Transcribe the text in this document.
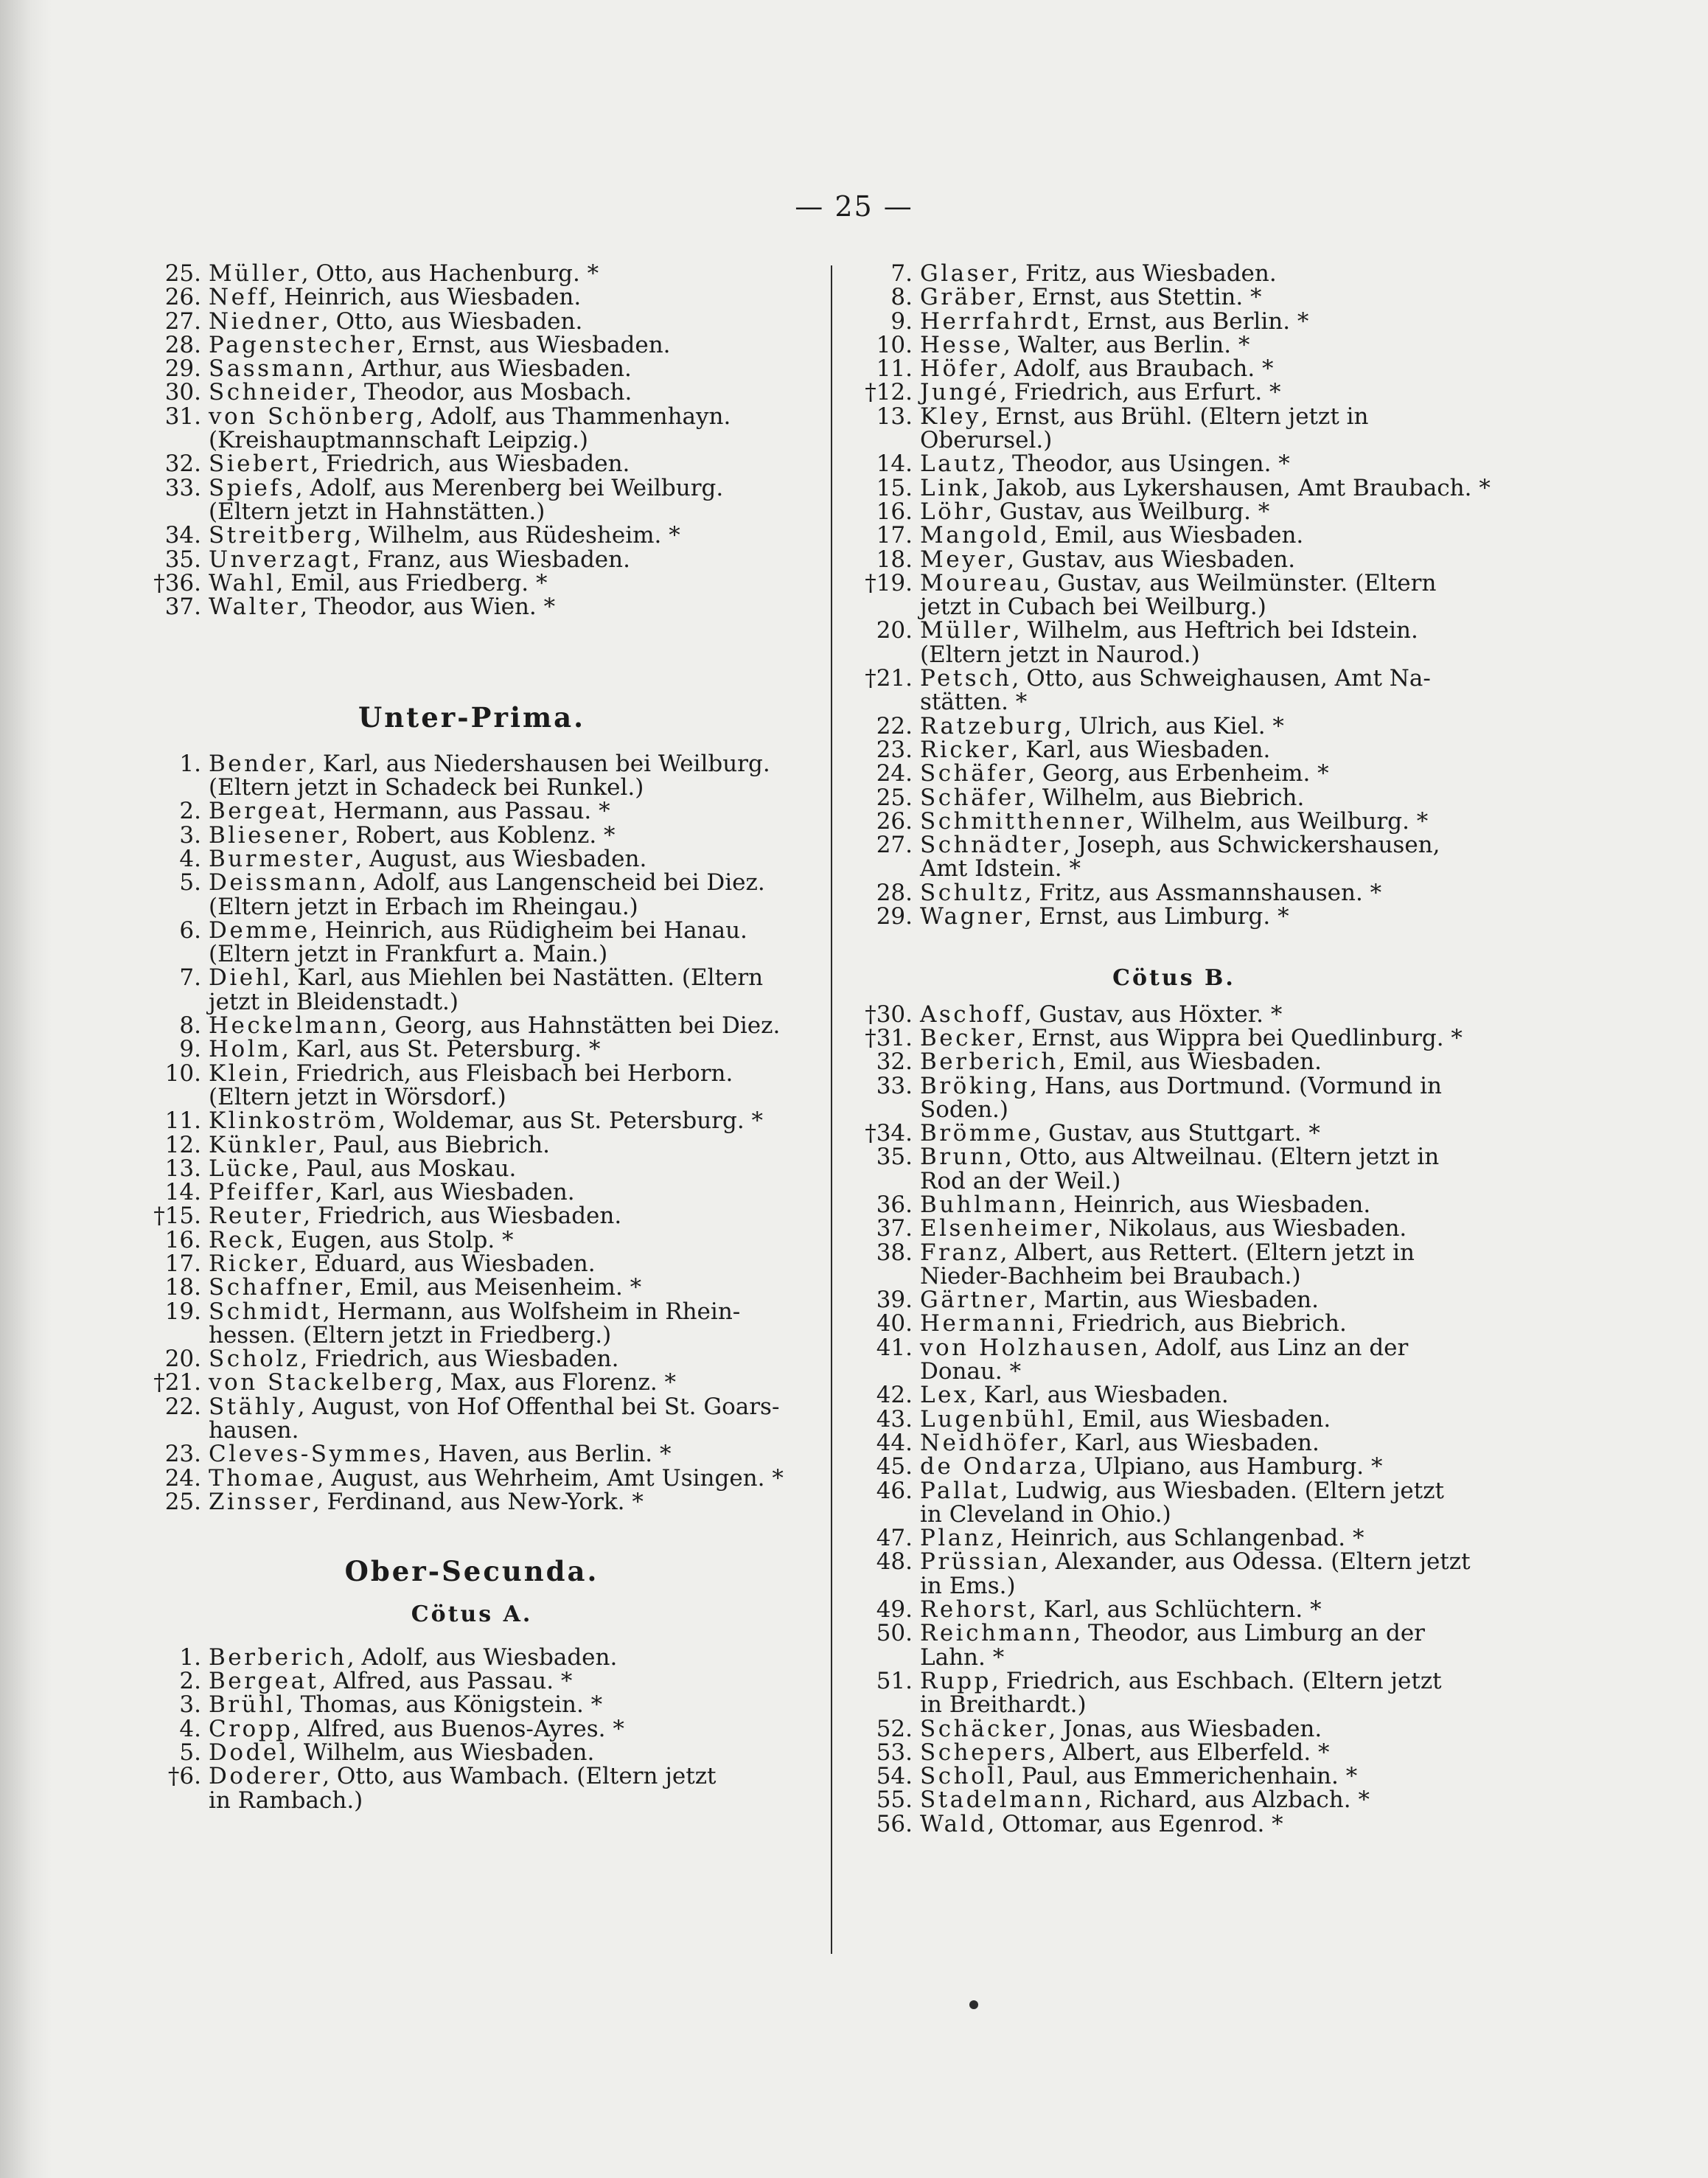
— 25 —
25. Müller, Otto, aus Hachenburg. *
26. Neff, Heinrich, aus Wiesbaden.
27. Niedner, Otto, aus Wiesbaden.
28. Pagenstecher, Ernst, aus Wiesbaden.
29. Sassmann, Arthur, aus Wiesbaden.
30. Schneider, Theodor, aus Mosbach.
31. von Schönberg, Adolf, aus Thammenhayn.
(Kreishauptmannschaft Leipzig.)
32. Siebert, Friedrich, aus Wiesbaden.
33. Spiefs, Adolf, aus Merenberg bei Weilburg.
(Eltern jetzt in Hahnstätten.)
34. Streitberg, Wilhelm, aus Rüdesheim. *
35. Unverzagt, Franz, aus Wiesbaden.
†36. Wahl, Emil, aus Friedberg. *
37. Walter, Theodor, aus Wien. *
Unter-Prima.
1. Bender, Karl, aus Niedershausen bei Weilburg.
(Eltern jetzt in Schadeck bei Runkel.)
2. Bergeat, Hermann, aus Passau. *
3. Bliesener, Robert, aus Koblenz. *
4. Burmester, August, aus Wiesbaden.
5. Deissmann, Adolf, aus Langenscheid bei Diez.
(Eltern jetzt in Erbach im Rheingau.)
6. Demme, Heinrich, aus Rüdigheim bei Hanau.
(Eltern jetzt in Frankfurt a. Main.)
7. Diehl, Karl, aus Miehlen bei Nastätten. (Eltern
jetzt in Bleidenstadt.)
8. Heckelmann, Georg, aus Hahnstätten bei Diez.
9. Holm, Karl, aus St. Petersburg. *
10. Klein, Friedrich, aus Fleisbach bei Herborn.
(Eltern jetzt in Wörsdorf.)
11. Klinkoström, Woldemar, aus St. Petersburg. *
12. Künkler, Paul, aus Biebrich.
13. Lücke, Paul, aus Moskau.
14. Pfeiffer, Karl, aus Wiesbaden.
†15. Reuter, Friedrich, aus Wiesbaden.
16. Reck, Eugen, aus Stolp. *
17. Ricker, Eduard, aus Wiesbaden.
18. Schaffner, Emil, aus Meisenheim. *
19. Schmidt, Hermann, aus Wolfsheim in Rhein-
hessen. (Eltern jetzt in Friedberg.)
20. Scholz, Friedrich, aus Wiesbaden.
†21. von Stackelberg, Max, aus Florenz. *
22. Stähly, August, von Hof Offenthal bei St. Goars-
hausen.
23. Cleves-Symmes, Haven, aus Berlin. *
24. Thomae, August, aus Wehrheim, Amt Usingen. *
25. Zinsser, Ferdinand, aus New-York. *
Ober-Secunda.
Cötus A.
1. Berberich, Adolf, aus Wiesbaden.
2. Bergeat, Alfred, aus Passau. *
3. Brühl, Thomas, aus Königstein. *
4. Cropp, Alfred, aus Buenos-Ayres. *
5. Dodel, Wilhelm, aus Wiesbaden.
†6. Doderer, Otto, aus Wambach. (Eltern jetzt
in Rambach.)
7. Glaser, Fritz, aus Wiesbaden.
8. Gräber, Ernst, aus Stettin. *
9. Herrfahrdt, Ernst, aus Berlin. *
10. Hesse, Walter, aus Berlin. *
11. Höfer, Adolf, aus Braubach. *
†12. Jungé, Friedrich, aus Erfurt. *
13. Kley, Ernst, aus Brühl. (Eltern jetzt in
Oberursel.)
14. Lautz, Theodor, aus Usingen. *
15. Link, Jakob, aus Lykershausen, Amt Braubach. *
16. Löhr, Gustav, aus Weilburg. *
17. Mangold, Emil, aus Wiesbaden.
18. Meyer, Gustav, aus Wiesbaden.
†19. Moureau, Gustav, aus Weilmünster. (Eltern
jetzt in Cubach bei Weilburg.)
20. Müller, Wilhelm, aus Heftrich bei Idstein.
(Eltern jetzt in Naurod.)
†21. Petsch, Otto, aus Schweighausen, Amt Na-
stätten. *
22. Ratzeburg, Ulrich, aus Kiel. *
23. Ricker, Karl, aus Wiesbaden.
24. Schäfer, Georg, aus Erbenheim. *
25. Schäfer, Wilhelm, aus Biebrich.
26. Schmitthenner, Wilhelm, aus Weilburg. *
27. Schnädter, Joseph, aus Schwickershausen,
Amt Idstein. *
28. Schultz, Fritz, aus Assmannshausen. *
29. Wagner, Ernst, aus Limburg. *
Cötus B.
†30. Aschoff, Gustav, aus Höxter. *
†31. Becker, Ernst, aus Wippra bei Quedlinburg. *
32. Berberich, Emil, aus Wiesbaden.
33. Bröking, Hans, aus Dortmund. (Vormund in
Soden.)
†34. Brömme, Gustav, aus Stuttgart. *
35. Brunn, Otto, aus Altweilnau. (Eltern jetzt in
Rod an der Weil.)
36. Buhlmann, Heinrich, aus Wiesbaden.
37. Elsenheimer, Nikolaus, aus Wiesbaden.
38. Franz, Albert, aus Rettert. (Eltern jetzt in
Nieder-Bachheim bei Braubach.)
39. Gärtner, Martin, aus Wiesbaden.
40. Hermanni, Friedrich, aus Biebrich.
41. von Holzhausen, Adolf, aus Linz an der
Donau. *
42. Lex, Karl, aus Wiesbaden.
43. Lugenbühl, Emil, aus Wiesbaden.
44. Neidhöfer, Karl, aus Wiesbaden.
45. de Ondarza, Ulpiano, aus Hamburg. *
46. Pallat, Ludwig, aus Wiesbaden. (Eltern jetzt
in Cleveland in Ohio.)
47. Planz, Heinrich, aus Schlangenbad. *
48. Prüssian, Alexander, aus Odessa. (Eltern jetzt
in Ems.)
49. Rehorst, Karl, aus Schlüchtern. *
50. Reichmann, Theodor, aus Limburg an der
Lahn. *
51. Rupp, Friedrich, aus Eschbach. (Eltern jetzt
in Breithardt.)
52. Schäcker, Jonas, aus Wiesbaden.
53. Schepers, Albert, aus Elberfeld. *
54. Scholl, Paul, aus Emmerichenhain. *
55. Stadelmann, Richard, aus Alzbach. *
56. Wald, Ottomar, aus Egenrod. *
